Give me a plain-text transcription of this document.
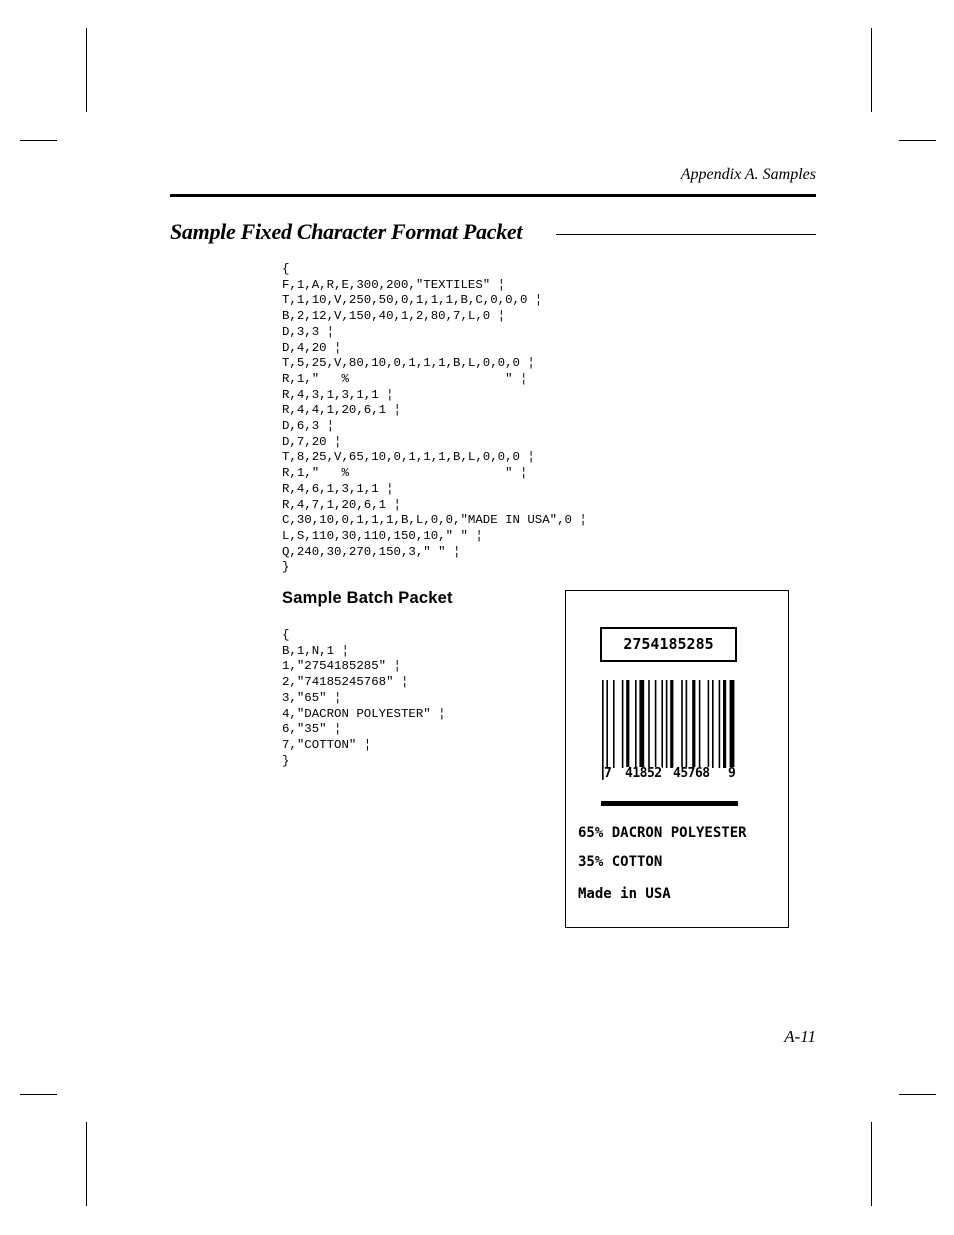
Appendix A. Samples
Sample Fixed Character Format Packet
{
F,1,A,R,E,300,200,"TEXTILES" ¦
T,1,10,V,250,50,0,1,1,1,B,C,0,0,0 ¦
B,2,12,V,150,40,1,2,80,7,L,0 ¦
D,3,3 ¦
D,4,20 ¦
T,5,25,V,80,10,0,1,1,1,B,L,0,0,0 ¦
R,1,"   %                     " ¦
R,4,3,1,3,1,1 ¦
R,4,4,1,20,6,1 ¦
D,6,3 ¦
D,7,20 ¦
T,8,25,V,65,10,0,1,1,1,B,L,0,0,0 ¦
R,1,"   %                     " ¦
R,4,6,1,3,1,1 ¦
R,4,7,1,20,6,1 ¦
C,30,10,0,1,1,1,B,L,0,0,"MADE IN USA",0 ¦
L,S,110,30,110,150,10," " ¦
Q,240,30,270,150,3," " ¦
}
Sample Batch Packet
{
B,1,N,1 ¦
1,"2754185285" ¦
2,"74185245768" ¦
3,"65" ¦
4,"DACRON POLYESTER" ¦
6,"35" ¦
7,"COTTON" ¦
}
2754185285
7 41852 45768 9
65% DACRON POLYESTER
35% COTTON
Made in USA
A-11
